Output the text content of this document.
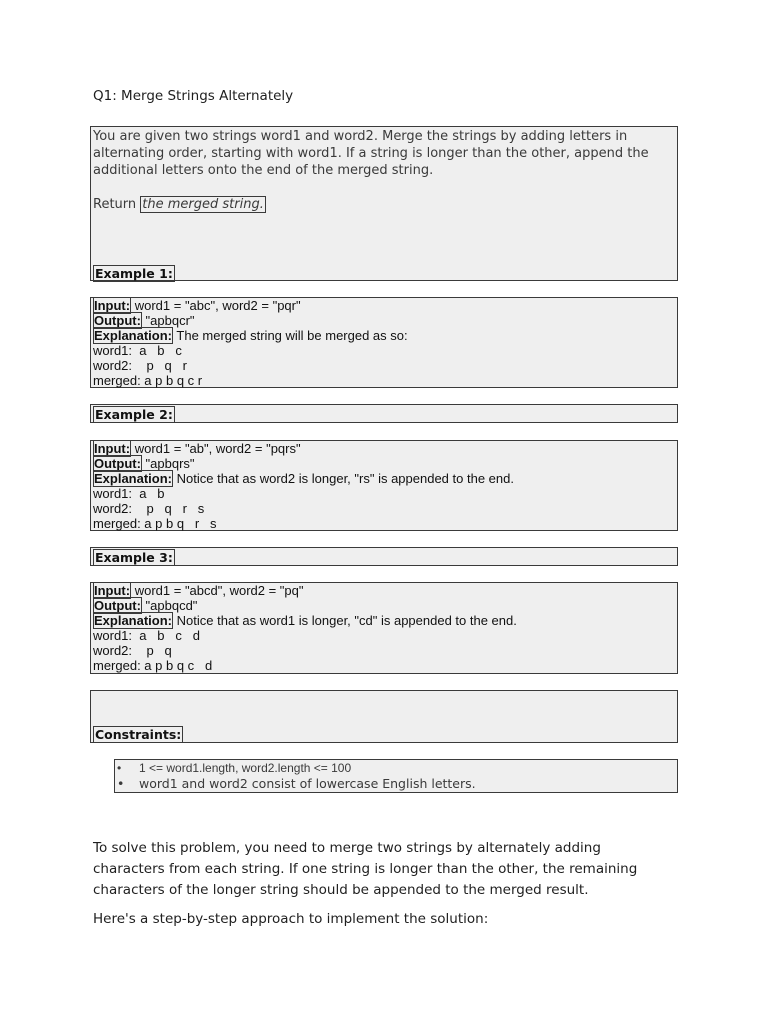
Q1: Merge Strings Alternately

You are given two strings word1 and word2. Merge the strings by adding letters in alternating order, starting with word1. If a string is longer than the other, append the additional letters onto the end of the merged string.

Return the merged string.

Example 1:
Input: word1 = "abc", word2 = "pqr"
Output: "apbqcr"
Explanation: The merged string will be merged as so:
word1:  a   b   c
word2:    p   q   r
merged: a p b q c r
Example 2:
Input: word1 = "ab", word2 = "pqrs"
Output: "apbqrs"
Explanation: Notice that as word2 is longer, "rs" is appended to the end.
word1:  a   b
word2:    p   q   r   s
merged: a p b q   r   s
Example 3:
Input: word1 = "abcd", word2 = "pq"
Output: "apbqcd"
Explanation: Notice that as word1 is longer, "cd" is appended to the end.
word1:  a   b   c   d
word2:    p   q
merged: a p b q c   d
Constraints:
• 1 <= word1.length, word2.length <= 100
• word1 and word2 consist of lowercase English letters.

To solve this problem, you need to merge two strings by alternately adding characters from each string. If one string is longer than the other, the remaining characters of the longer string should be appended to the merged result.

Here's a step-by-step approach to implement the solution:
